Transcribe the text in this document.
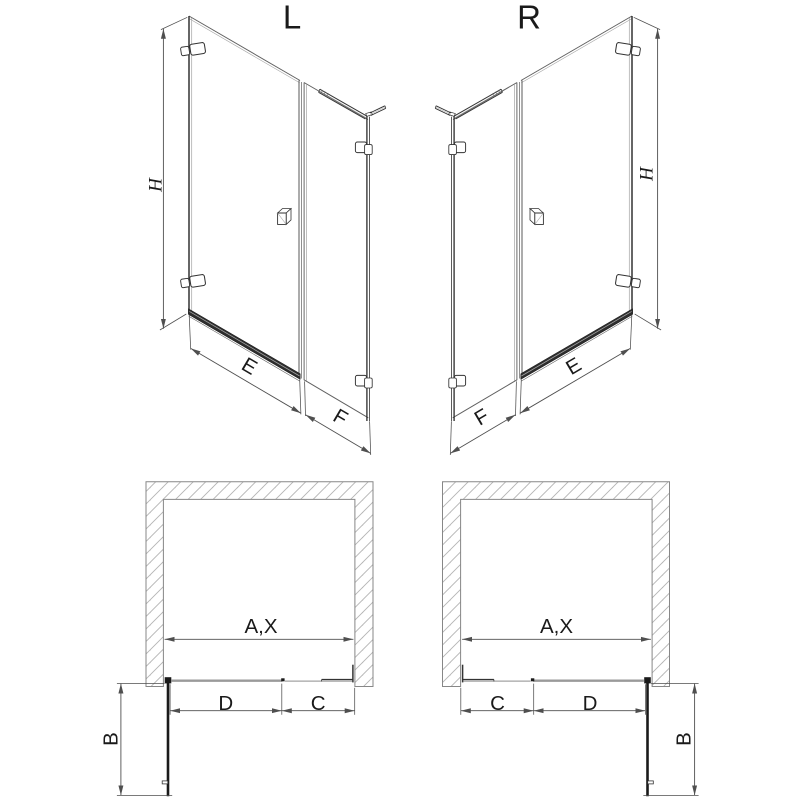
L
H
E
F
R
H
E
F
A,X
D	C
B
A,X
C	D
B
